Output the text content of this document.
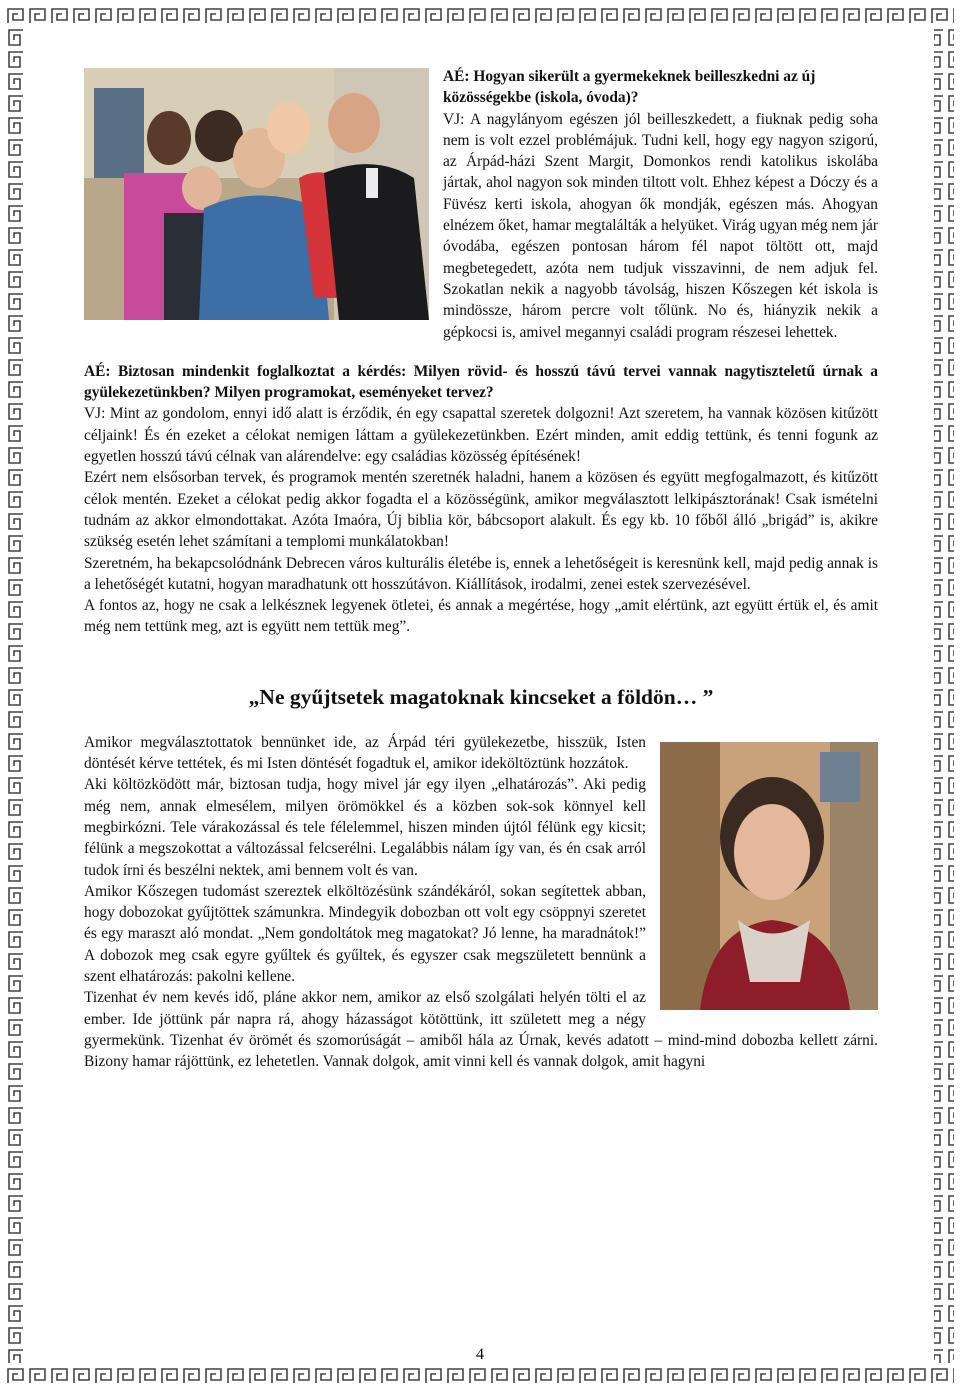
AÉ: Hogyan sikerült a gyermekeknek beilleszkedni az új közösségekbe (iskola, óvoda)?

VJ: A nagylányom egészen jól beilleszkedett, a fiuknak pedig soha nem is volt ezzel problémájuk. Tudni kell, hogy egy nagyon szigorú, az Árpád-házi Szent Margit, Domonkos rendi katolikus iskolába jártak, ahol nagyon sok minden tiltott volt. Ehhez képest a Dóczy és a Füvész kerti iskola, ahogyan ők mondják, egészen más. Ahogyan elnézem őket, hamar megtalálták a helyüket. Virág ugyan még nem jár óvodába, egészen pontosan három fél napot töltött ott, majd megbetegedett, azóta nem tudjuk visszavinni, de nem adjuk fel. Szokatlan nekik a nagyobb távolság, hiszen Kőszegen két iskola is mindössze, három percre volt tőlünk. No és, hiányzik nekik a gépkocsi is, amivel megannyi családi program részesei lehettek.

AÉ: Biztosan mindenkit foglalkoztat a kérdés: Milyen rövid- és hosszú távú tervei vannak nagytiszteletű úrnak a gyülekezetünkben? Milyen programokat, eseményeket tervez?

VJ: Mint az gondolom, ennyi idő alatt is érződik, én egy csapattal szeretek dolgozni! Azt szeretem, ha vannak közösen kitűzött céljaink! És én ezeket a célokat nemigen láttam a gyülekezetünkben. Ezért minden, amit eddig tettünk, és tenni fogunk az egyetlen hosszú távú célnak van alárendelve: egy családias közösség építésének!

Ezért nem elsősorban tervek, és programok mentén szeretnék haladni, hanem a közösen és együtt megfogalmazott, és kitűzött célok mentén. Ezeket a célokat pedig akkor fogadta el a közösségünk, amikor megválasztott lelkipásztorának! Csak ismételni tudnám az akkor elmondottakat. Azóta Imaóra, Új biblia kör, bábcsoport alakult. És egy kb. 10 főből álló „brigád” is, akikre szükség esetén lehet számítani a templomi munkálatokban!

Szeretném, ha bekapcsolódnánk Debrecen város kulturális életébe is, ennek a lehetőségeit is keresnünk kell, majd pedig annak is a lehetőségét kutatni, hogyan maradhatunk ott hosszútávon. Kiállítások, irodalmi, zenei estek szervezésével.

A fontos az, hogy ne csak a lelkésznek legyenek ötletei, és annak a megértése, hogy „amit elértünk, azt együtt értük el, és amit még nem tettünk meg, azt is együtt nem tettük meg”.

„Ne gyűjtsetek magatoknak kincseket a földön… ”

Amikor megválasztottatok bennünket ide, az Árpád téri gyülekezetbe, hisszük, Isten döntését kérve tettétek, és mi Isten döntését fogadtuk el, amikor ideköltöztünk hozzátok.

Aki költözködött már, biztosan tudja, hogy mivel jár egy ilyen „elhatározás”. Aki pedig még nem, annak elmesélem, milyen örömökkel és a közben sok-sok könnyel kell megbirkózni. Tele várakozással és tele félelemmel, hiszen minden újtól félünk egy kicsit; félünk a megszokottat a változással felcserélni. Legalábbis nálam így van, és én csak arról tudok írni és beszélni nektek, ami bennem volt és van.

Amikor Kőszegen tudomást szereztek elköltözésünk szándékáról, sokan segítettek abban, hogy dobozokat gyűjtöttek számunkra. Mindegyik dobozban ott volt egy csöppnyi szeretet és egy maraszt aló mondat. „Nem gondoltátok meg magatokat? Jó lenne, ha maradnátok!” A dobozok meg csak egyre gyűltek és gyűltek, és egyszer csak megszületett bennünk a szent elhatározás: pakolni kellene.

Tizenhat év nem kevés idő, pláne akkor nem, amikor az első szolgálati helyén tölti el az ember. Ide jöttünk pár napra rá, ahogy házasságot kötöttünk, itt született meg a négy gyermekünk. Tizenhat év örömét és szomorúságát – amiből hála az Úrnak, kevés adatott – mind-mind dobozba kellett zárni. Bizony hamar rájöttünk, ez lehetetlen. Vannak dolgok, amit vinni kell és vannak dolgok, amit hagyni

4
